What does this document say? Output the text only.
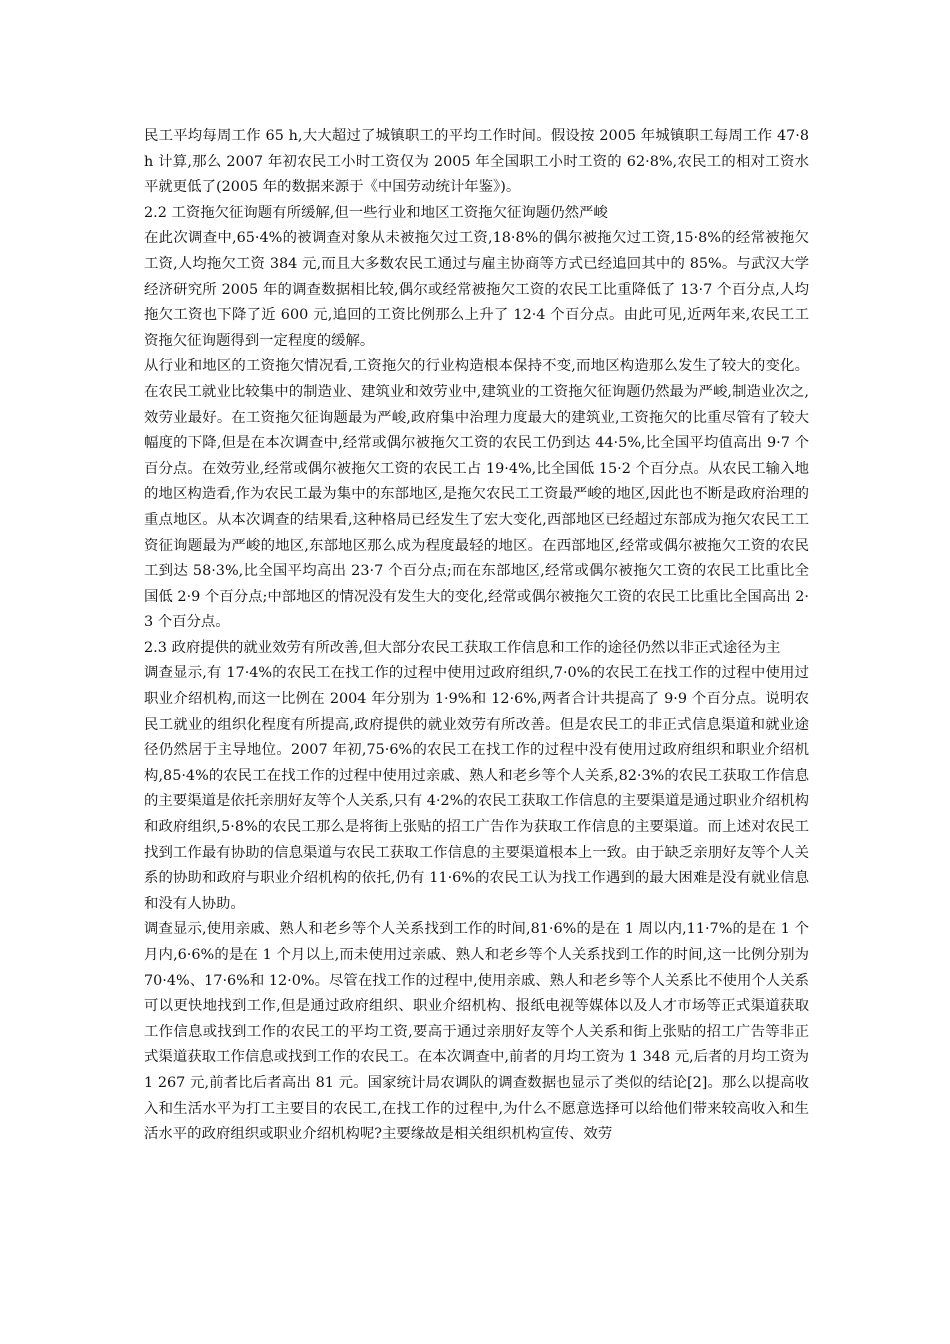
民工平均每周工作 65 h,大大超过了城镇职工的平均工作时间。假设按 2005 年城镇职工每周工作 47·8 h 计算,那么 2007 年初农民工小时工资仅为 2005 年全国职工小时工资的 62·8%,农民工的相对工资水平就更低了(2005 年的数据来源于《中国劳动统计年鉴》)。

2.2 工资拖欠征询题有所缓解,但一些行业和地区工资拖欠征询题仍然严峻

在此次调查中,65·4%的被调查对象从未被拖欠过工资,18·8%的偶尔被拖欠过工资,15·8%的经常被拖欠工资,人均拖欠工资 384 元,而且大多数农民工通过与雇主协商等方式已经追回其中的 85%。与武汉大学经济研究所 2005 年的调查数据相比较,偶尔或经常被拖欠工资的农民工比重降低了 13·7 个百分点,人均拖欠工资也下降了近 600 元,追回的工资比例那么上升了 12·4 个百分点。由此可见,近两年来,农民工工资拖欠征询题得到一定程度的缓解。

从行业和地区的工资拖欠情况看,工资拖欠的行业构造根本保持不变,而地区构造那么发生了较大的变化。在农民工就业比较集中的制造业、建筑业和效劳业中,建筑业的工资拖欠征询题仍然最为严峻,制造业次之,效劳业最好。在工资拖欠征询题最为严峻,政府集中治理力度最大的建筑业,工资拖欠的比重尽管有了较大幅度的下降,但是在本次调查中,经常或偶尔被拖欠工资的农民工仍到达 44·5%,比全国平均值高出 9·7 个百分点。在效劳业,经常或偶尔被拖欠工资的农民工占 19·4%,比全国低 15·2 个百分点。从农民工输入地的地区构造看,作为农民工最为集中的东部地区,是拖欠农民工工资最严峻的地区,因此也不断是政府治理的重点地区。从本次调查的结果看,这种格局已经发生了宏大变化,西部地区已经超过东部成为拖欠农民工工资征询题最为严峻的地区,东部地区那么成为程度最轻的地区。在西部地区,经常或偶尔被拖欠工资的农民工到达 58·3%,比全国平均高出 23·7 个百分点;而在东部地区,经常或偶尔被拖欠工资的农民工比重比全国低 2·9 个百分点;中部地区的情况没有发生大的变化,经常或偶尔被拖欠工资的农民工比重比全国高出 2·3 个百分点。

2.3 政府提供的就业效劳有所改善,但大部分农民工获取工作信息和工作的途径仍然以非正式途径为主

调查显示,有 17·4%的农民工在找工作的过程中使用过政府组织,7·0%的农民工在找工作的过程中使用过职业介绍机构,而这一比例在 2004 年分别为 1·9%和 12·6%,两者合计共提高了 9·9 个百分点。说明农民工就业的组织化程度有所提高,政府提供的就业效劳有所改善。但是农民工的非正式信息渠道和就业途径仍然居于主导地位。2007 年初,75·6%的农民工在找工作的过程中没有使用过政府组织和职业介绍机构,85·4%的农民工在找工作的过程中使用过亲戚、熟人和老乡等个人关系,82·3%的农民工获取工作信息的主要渠道是依托亲朋好友等个人关系,只有 4·2%的农民工获取工作信息的主要渠道是通过职业介绍机构和政府组织,5·8%的农民工那么是将街上张贴的招工广告作为获取工作信息的主要渠道。而上述对农民工找到工作最有协助的信息渠道与农民工获取工作信息的主要渠道根本上一致。由于缺乏亲朋好友等个人关系的协助和政府与职业介绍机构的依托,仍有 11·6%的农民工认为找工作遇到的最大困难是没有就业信息和没有人协助。

调查显示,使用亲戚、熟人和老乡等个人关系找到工作的时间,81·6%的是在 1 周以内,11·7%的是在 1 个月内,6·6%的是在 1 个月以上,而未使用过亲戚、熟人和老乡等个人关系找到工作的时间,这一比例分别为 70·4%、17·6%和 12·0%。尽管在找工作的过程中,使用亲戚、熟人和老乡等个人关系比不使用个人关系可以更快地找到工作,但是通过政府组织、职业介绍机构、报纸电视等媒体以及人才市场等正式渠道获取工作信息或找到工作的农民工的平均工资,要高于通过亲朋好友等个人关系和街上张贴的招工广告等非正式渠道获取工作信息或找到工作的农民工。在本次调查中,前者的月均工资为 1 348 元,后者的月均工资为 1 267 元,前者比后者高出 81 元。国家统计局农调队的调查数据也显示了类似的结论[2]。那么以提高收入和生活水平为打工主要目的农民工,在找工作的过程中,为什么不愿意选择可以给他们带来较高收入和生活水平的政府组织或职业介绍机构呢?主要缘故是相关组织机构宣传、效劳
